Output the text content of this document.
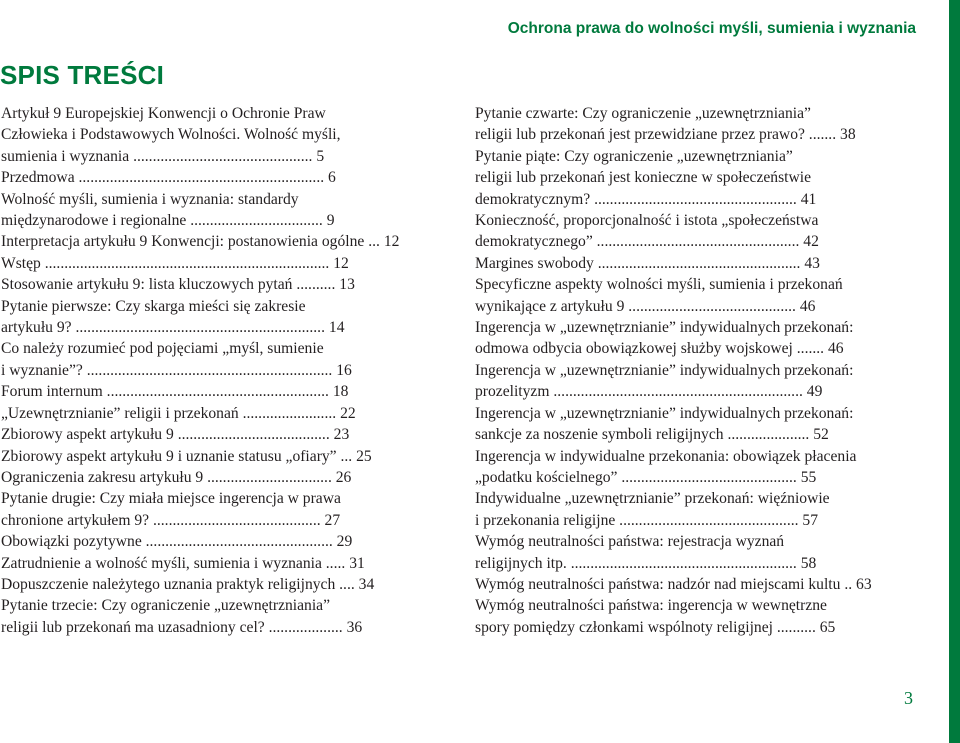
Ochrona prawa do wolności myśli, sumienia i wyznania
SPIS TREŚCI
Artykuł 9 Europejskiej Konwencji o Ochronie Praw
Człowieka i Podstawowych Wolności. Wolność myśli,
sumienia i wyznania .............................................. 5
Przedmowa ............................................................... 6
Wolność myśli, sumienia i wyznania: standardy
międzynarodowe i regionalne .................................. 9
Interpretacja artykułu 9 Konwencji: postanowienia ogólne ... 12
Wstęp ......................................................................... 12
Stosowanie artykułu 9: lista kluczowych pytań .......... 13
Pytanie pierwsze: Czy skarga mieści się zakresie
artykułu 9? ................................................................ 14
Co należy rozumieć pod pojęciami „myśl, sumienie
i wyznanie”? ............................................................... 16
Forum internum ......................................................... 18
„Uzewnętrznianie” religii i przekonań ........................ 22
Zbiorowy aspekt artykułu 9 ....................................... 23
Zbiorowy aspekt artykułu 9 i uznanie statusu „ofiary” ... 25
Ograniczenia zakresu artykułu 9 ................................ 26
Pytanie drugie: Czy miała miejsce ingerencja w prawa
chronione artykułem 9? ........................................... 27
Obowiązki pozytywne ................................................ 29
Zatrudnienie a wolność myśli, sumienia i wyznania ..... 31
Dopuszczenie należytego uznania praktyk religijnych .... 34
Pytanie trzecie: Czy ograniczenie „uzewnętrzniania”
religii lub przekonań ma uzasadniony cel? ................... 36
Pytanie czwarte: Czy ograniczenie „uzewnętrzniania”
religii lub przekonań jest przewidziane przez prawo? ....... 38
Pytanie piąte: Czy ograniczenie „uzewnętrzniania”
religii lub przekonań jest konieczne w społeczeństwie
demokratycznym? .................................................... 41
Konieczność, proporcjonalność i istota „społeczeństwa
demokratycznego” .................................................... 42
Margines swobody .................................................... 43
Specyficzne aspekty wolności myśli, sumienia i przekonań
wynikające z artykułu 9 ........................................... 46
Ingerencja w „uzewnętrznianie” indywidualnych przekonań:
odmowa odbycia obowiązkowej służby wojskowej ....... 46
Ingerencja w „uzewnętrznianie” indywidualnych przekonań:
prozelityzm ................................................................ 49
Ingerencja w „uzewnętrznianie” indywidualnych przekonań:
sankcje za noszenie symboli religijnych ..................... 52
Ingerencja w indywidualne przekonania: obowiązek płacenia
„podatku kościelnego” ............................................. 55
Indywidualne „uzewnętrznianie” przekonań: więźniowie
i przekonania religijne .............................................. 57
Wymóg neutralności państwa: rejestracja wyznań
religijnych itp. .......................................................... 58
Wymóg neutralności państwa: nadzór nad miejscami kultu .. 63
Wymóg neutralności państwa: ingerencja w wewnętrzne
spory pomiędzy członkami wspólnoty religijnej .......... 65
3
